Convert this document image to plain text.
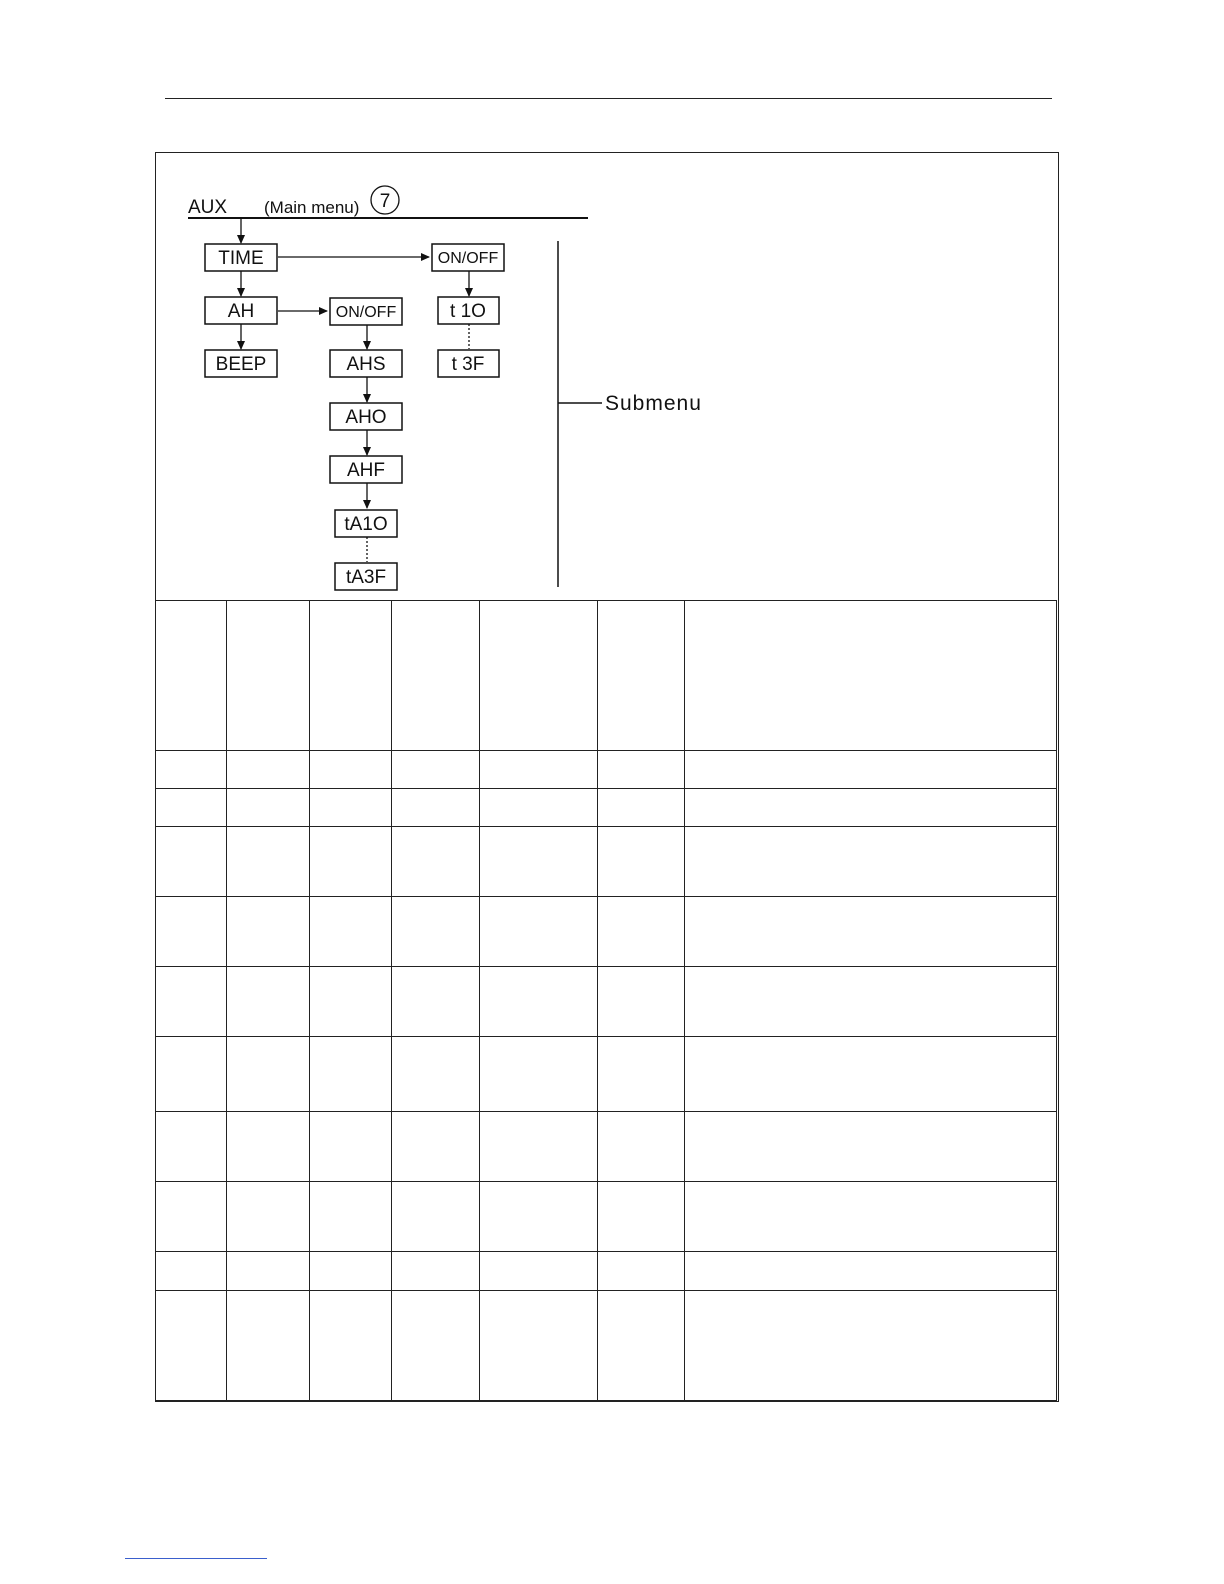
AUX (Main menu) 7
TIME
AH
BEEP
ON/OFF
t 1O
t 3F
ON/OFF
AHS
AHO
AHF
tA1O
tA3F
Submenu
